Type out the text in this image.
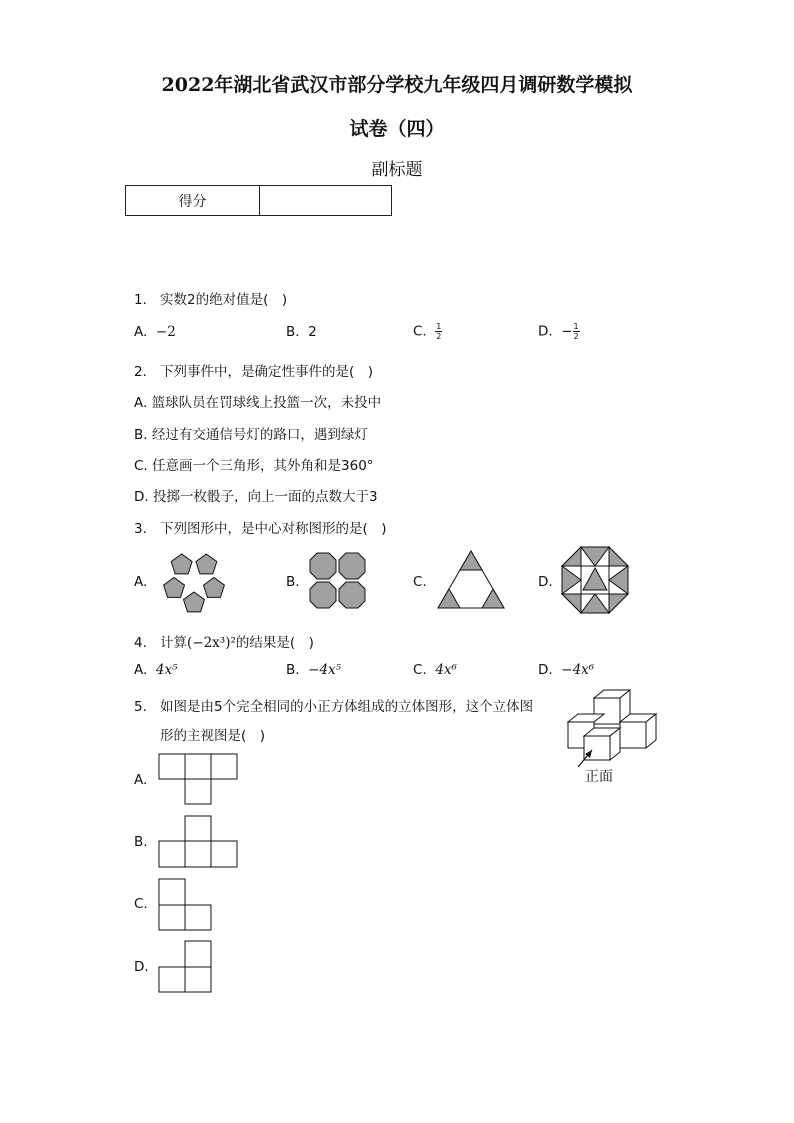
2022年湖北省武汉市部分学校九年级四月调研数学模拟
试卷（四）
副标题
得分
1. 实数2的绝对值是(　)
A. −2	B. 2	C. $\frac{1}{2}$	D.  − $\frac{1}{2}$
2. 下列事件中，是确定性事件的是(　)
A. 篮球队员在罚球线上投篮一次，未投中
B. 经过有交通信号灯的路口，遇到绿灯
C. 任意画一个三角形，其外角和是360°
D. 投掷一枚骰子，向上一面的点数大于3
3. 下列图形中，是中心对称图形的是(　)
A.	B.	C.	D.
4. 计算(−2x³)²的结果是(　)
A. 4x⁵	B. −4x⁵	C. 4x⁶	D. −4x⁶
5. 如图是由5个完全相同的小正方体组成的立体图形，这个立体图
形的主视图是(　)
正面
A.
B.
C.
D.
